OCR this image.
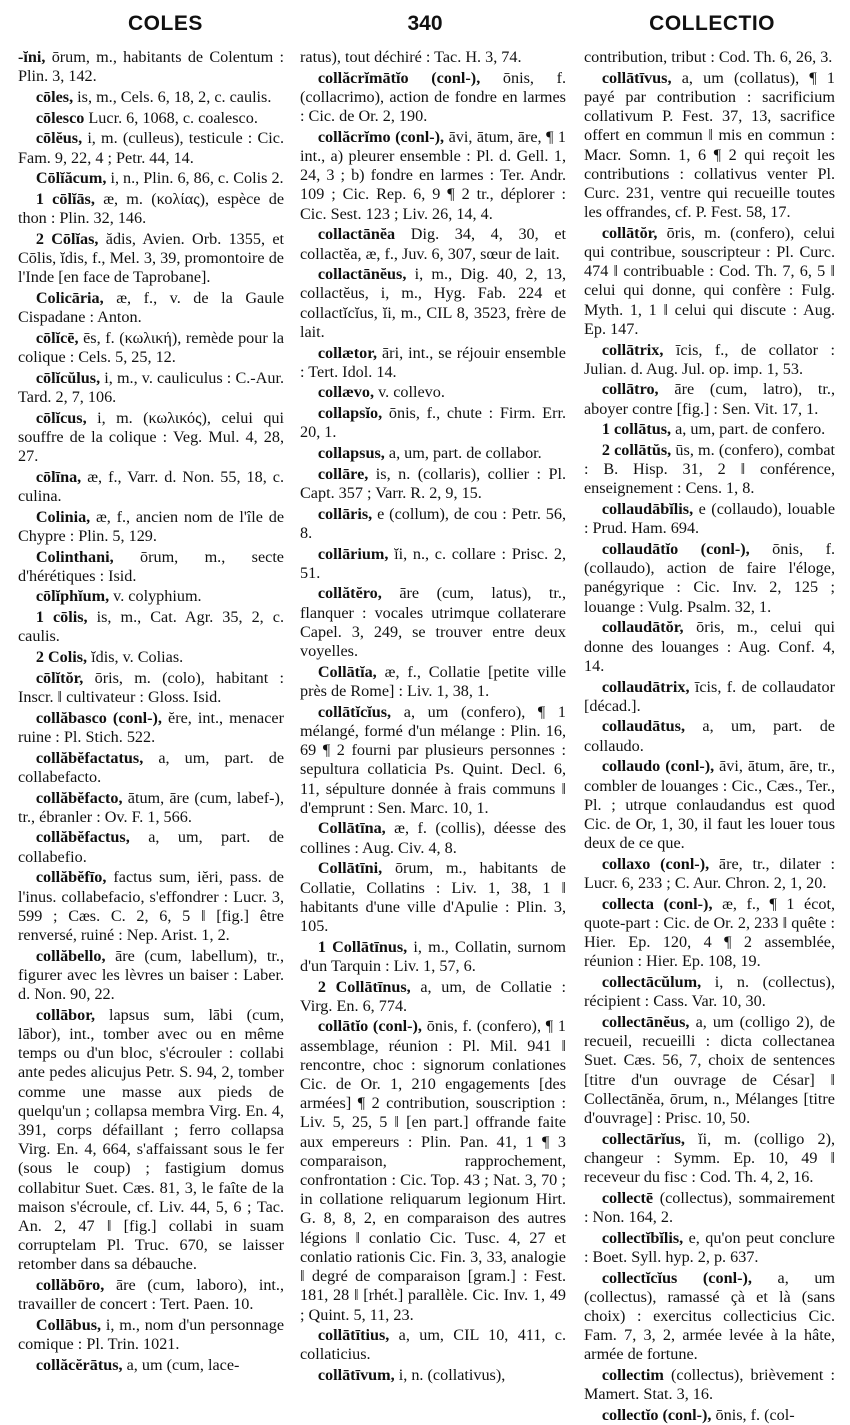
COLES	340	COLLECTIO

-ĭni, ōrum, m., habitants de Colentum : Plin. 3, 142.

cōles, is, m., Cels. 6, 18, 2, c. caulis.

cōlesco Lucr. 6, 1068, c. coalesco.

cōlĕus, i, m. (culleus), testicule : Cic. Fam. 9, 22, 4 ; Petr. 44, 14.

Cōlĭăcum, i, n., Plin. 6, 86, c. Colis 2.

1 cōlĭās, æ, m. (κολίας), espèce de thon : Plin. 32, 146.

2 Cōlĭas, ădis, Avien. Orb. 1355, et Cōlis, ĭdis, f., Mel. 3, 39, promontoire de l'Inde [en face de Taprobane].

Colicāria, æ, f., v. de la Gaule Cispadane : Anton.

cōlĭcē, ēs, f. (κωλική), remède pour la colique : Cels. 5, 25, 12.

cōlĭcŭlus, i, m., v. cauliculus : C.-Aur. Tard. 2, 7, 106.

cōlĭcus, i, m. (κωλικός), celui qui souffre de la colique : Veg. Mul. 4, 28, 27.

cōlīna, æ, f., Varr. d. Non. 55, 18, c. culina.

Colinia, æ, f., ancien nom de l'île de Chypre : Plin. 5, 129.

Colinthani, ōrum, m., secte d'hérétiques : Isid.

cōlĭphĭum, v. colyphium.

1 cōlis, is, m., Cat. Agr. 35, 2, c. caulis.

2 Colis, ĭdis, v. Colias.

cōlĭtŏr, ōris, m. (colo), habitant : Inscr. ‖ cultivateur : Gloss. Isid.

collăbasco (conl-), ĕre, int., menacer ruine : Pl. Stich. 522.

collăbĕfactatus, a, um, part. de collabefacto.

collăbĕfacto, ātum, āre (cum, labef-), tr., ébranler : Ov. F. 1, 566.

collăbĕfactus, a, um, part. de collabefio.

collăbĕfīo, factus sum, iĕri, pass. de l'inus. collabefacio, s'effondrer : Lucr. 3, 599 ; Cæs. C. 2, 6, 5 ‖ [fig.] être renversé, ruiné : Nep. Arist. 1, 2.

collăbello, āre (cum, labellum), tr., figurer avec les lèvres un baiser : Laber. d. Non. 90, 22.

collābor, lapsus sum, lābi (cum, lābor), int., tomber avec ou en même temps ou d'un bloc, s'écrouler : collabi ante pedes alicujus Petr. S. 94, 2, tomber comme une masse aux pieds de quelqu'un ; collapsa membra Virg. En. 4, 391, corps défaillant ; ferro collapsa Virg. En. 4, 664, s'affaissant sous le fer (sous le coup) ; fastigium domus collabitur Suet. Cæs. 81, 3, le faîte de la maison s'écroule, cf. Liv. 44, 5, 6 ; Tac. An. 2, 47 ‖ [fig.] collabi in suam corruptelam Pl. Truc. 670, se laisser retomber dans sa débauche.

collăbōro, āre (cum, laboro), int., travailler de concert : Tert. Paen. 10.

Collābus, i, m., nom d'un personnage comique : Pl. Trin. 1021.

collăcĕrātus, a, um (cum, lace-

ratus), tout déchiré : Tac. H. 3, 74.

collăcrĭmātĭo (conl-), ōnis, f. (collacrimo), action de fondre en larmes : Cic. de Or. 2, 190.

collăcrĭmo (conl-), āvi, ātum, āre, ¶ 1 int., a) pleurer ensemble : Pl. d. Gell. 1, 24, 3 ; b) fondre en larmes : Ter. Andr. 109 ; Cic. Rep. 6, 9 ¶ 2 tr., déplorer : Cic. Sest. 123 ; Liv. 26, 14, 4.

collactānĕa Dig. 34, 4, 30, et collactĕa, æ, f., Juv. 6, 307, sœur de lait.

collactānĕus, i, m., Dig. 40, 2, 13, collactĕus, i, m., Hyg. Fab. 224 et collactĭcĭus, ĭi, m., CIL 8, 3523, frère de lait.

collætor, āri, int., se réjouir ensemble : Tert. Idol. 14.

collævo, v. collevo.

collapsĭo, ōnis, f., chute : Firm. Err. 20, 1.

collapsus, a, um, part. de collabor.

collāre, is, n. (collaris), collier : Pl. Capt. 357 ; Varr. R. 2, 9, 15.

collāris, e (collum), de cou : Petr. 56, 8.

collārium, ĭi, n., c. collare : Prisc. 2, 51.

collătĕro, āre (cum, latus), tr., flanquer : vocales utrimque collaterare Capel. 3, 249, se trouver entre deux voyelles.

Collātĭa, æ, f., Collatie [petite ville près de Rome] : Liv. 1, 38, 1.

collātĭcĭus, a, um (confero), ¶ 1 mélangé, formé d'un mélange : Plin. 16, 69 ¶ 2 fourni par plusieurs personnes : sepultura collaticia Ps. Quint. Decl. 6, 11, sépulture donnée à frais communs ‖ d'emprunt : Sen. Marc. 10, 1.

Collātīna, æ, f. (collis), déesse des collines : Aug. Civ. 4, 8.

Collātīni, ōrum, m., habitants de Collatie, Collatins : Liv. 1, 38, 1 ‖ habitants d'une ville d'Apulie : Plin. 3, 105.

1 Collātīnus, i, m., Collatin, surnom d'un Tarquin : Liv. 1, 57, 6.

2 Collātīnus, a, um, de Collatie : Virg. En. 6, 774.

collātĭo (conl-), ōnis, f. (confero), ¶ 1 assemblage, réunion : Pl. Mil. 941 ‖ rencontre, choc : signorum conlationes Cic. de Or. 1, 210 engagements [des armées] ¶ 2 contribution, souscription : Liv. 5, 25, 5 ‖ [en part.] offrande faite aux empereurs : Plin. Pan. 41, 1 ¶ 3 comparaison, rapprochement, confrontation : Cic. Top. 43 ; Nat. 3, 70 ; in collatione reliquarum legionum Hirt. G. 8, 8, 2, en comparaison des autres légions ‖ conlatio Cic. Tusc. 4, 27 et conlatio rationis Cic. Fin. 3, 33, analogie ‖ degré de comparaison [gram.] : Fest. 181, 28 ‖ [rhét.] parallèle. Cic. Inv. 1, 49 ; Quint. 5, 11, 23.

collātītius, a, um, CIL 10, 411, c. collaticius.

collātīvum, i, n. (collativus),

contribution, tribut : Cod. Th. 6, 26, 3.

collātīvus, a, um (collatus), ¶ 1 payé par contribution : sacrificium collativum P. Fest. 37, 13, sacrifice offert en commun ‖ mis en commun : Macr. Somn. 1, 6 ¶ 2 qui reçoit les contributions : collativus venter Pl. Curc. 231, ventre qui recueille toutes les offrandes, cf. P. Fest. 58, 17.

collātŏr, ōris, m. (confero), celui qui contribue, souscripteur : Pl. Curc. 474 ‖ contribuable : Cod. Th. 7, 6, 5 ‖ celui qui donne, qui confère : Fulg. Myth. 1, 1 ‖ celui qui discute : Aug. Ep. 147.

collātrix, īcis, f., de collator : Julian. d. Aug. Jul. op. imp. 1, 53.

collātro, āre (cum, latro), tr., aboyer contre [fig.] : Sen. Vit. 17, 1.

1 collātus, a, um, part. de confero.

2 collātŭs, ūs, m. (confero), combat : B. Hisp. 31, 2 ‖ conférence, enseignement : Cens. 1, 8.

collaudābĭlis, e (collaudo), louable : Prud. Ham. 694.

collaudātĭo (conl-), ōnis, f. (collaudo), action de faire l'éloge, panégyrique : Cic. Inv. 2, 125 ; louange : Vulg. Psalm. 32, 1.

collaudātŏr, ōris, m., celui qui donne des louanges : Aug. Conf. 4, 14.

collaudātrix, īcis, f. de collaudator [décad.].

collaudātus, a, um, part. de collaudo.

collaudo (conl-), āvi, ātum, āre, tr., combler de louanges : Cic., Cæs., Ter., Pl. ; utrque conlaudandus est quod Cic. de Or, 1, 30, il faut les louer tous deux de ce que.

collaxo (conl-), āre, tr., dilater : Lucr. 6, 233 ; C. Aur. Chron. 2, 1, 20.

collecta (conl-), æ, f., ¶ 1 écot, quote-part : Cic. de Or. 2, 233 ‖ quête : Hier. Ep. 120, 4 ¶ 2 assemblée, réunion : Hier. Ep. 108, 19.

collectācŭlum, i, n. (collectus), récipient : Cass. Var. 10, 30.

collectānĕus, a, um (colligo 2), de recueil, recueilli : dicta collectanea Suet. Cæs. 56, 7, choix de sentences [titre d'un ouvrage de César] ‖ Collectānĕa, ōrum, n., Mélanges [titre d'ouvrage] : Prisc. 10, 50.

collectārĭus, ĭi, m. (colligo 2), changeur : Symm. Ep. 10, 49 ‖ receveur du fisc : Cod. Th. 4, 2, 16.

collectē (collectus), sommairement : Non. 164, 2.

collectĭbĭlis, e, qu'on peut conclure : Boet. Syll. hyp. 2, p. 637.

collectĭcĭus (conl-), a, um (collectus), ramassé çà et là (sans choix) : exercitus collecticius Cic. Fam. 7, 3, 2, armée levée à la hâte, armée de fortune.

collectim (collectus), brièvement : Mamert. Stat. 3, 16.

collectĭo (conl-), ōnis, f. (col-
